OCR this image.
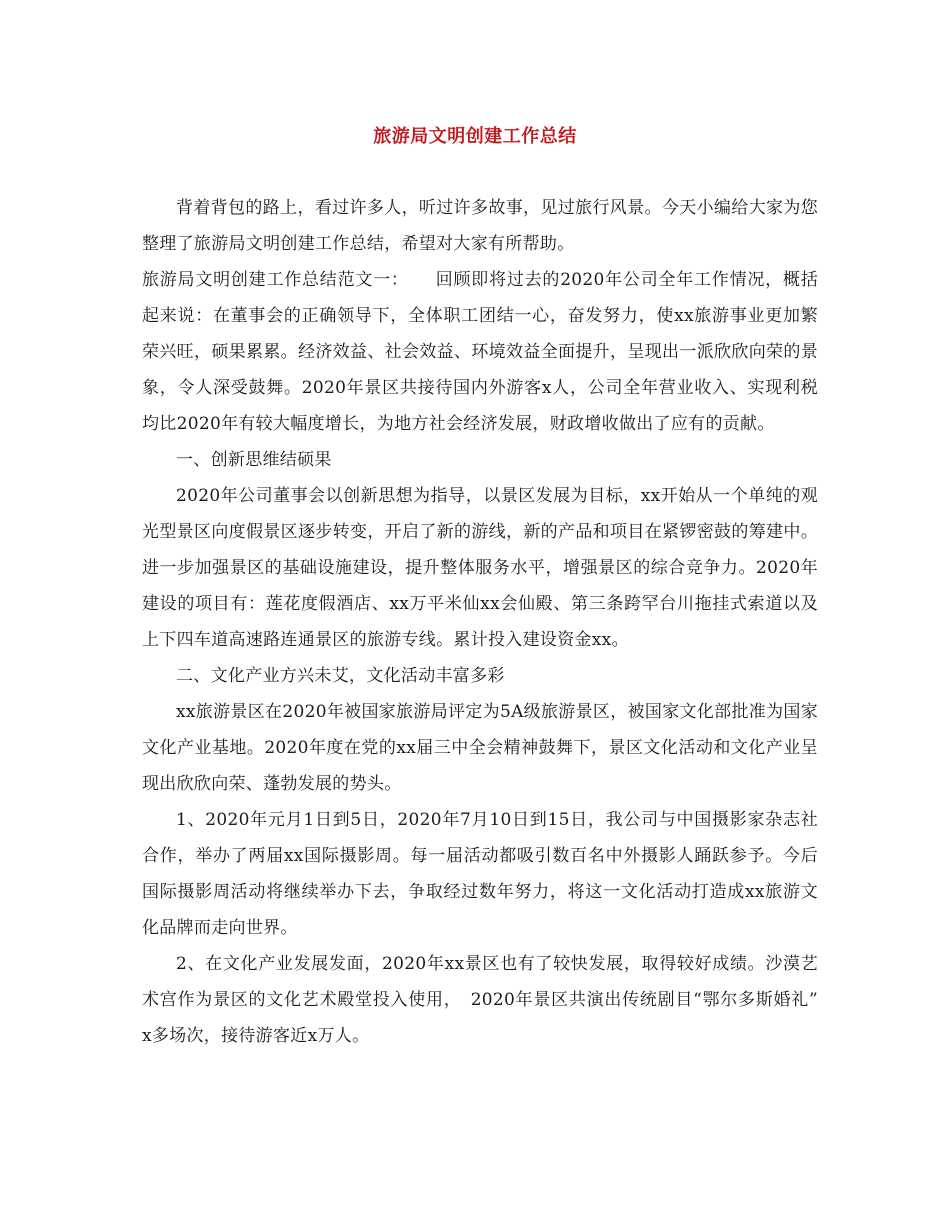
旅游局文明创建工作总结

背着背包的路上，看过许多人，听过许多故事，见过旅行风景。今天小编给大家为您整理了旅游局文明创建工作总结，希望对大家有所帮助。

旅游局文明创建工作总结范文一：　　回顾即将过去的2020年公司全年工作情况，概括起来说：在董事会的正确领导下，全体职工团结一心，奋发努力，使xx旅游事业更加繁荣兴旺，硕果累累。经济效益、社会效益、环境效益全面提升，呈现出一派欣欣向荣的景象，令人深受鼓舞。2020年景区共接待国内外游客x人，公司全年营业收入、实现利税均比2020年有较大幅度增长，为地方社会经济发展，财政增收做出了应有的贡献。

一、创新思维结硕果

2020年公司董事会以创新思想为指导，以景区发展为目标，xx开始从一个单纯的观光型景区向度假景区逐步转变，开启了新的游线，新的产品和项目在紧锣密鼓的筹建中。进一步加强景区的基础设施建设，提升整体服务水平，增强景区的综合竞争力。2020年建设的项目有：莲花度假酒店、xx万平米仙xx会仙殿、第三条跨罕台川拖挂式索道以及上下四车道高速路连通景区的旅游专线。累计投入建设资金xx。

二、文化产业方兴未艾，文化活动丰富多彩

xx旅游景区在2020年被国家旅游局评定为5A级旅游景区，被国家文化部批准为国家文化产业基地。2020年度在党的xx届三中全会精神鼓舞下，景区文化活动和文化产业呈现出欣欣向荣、蓬勃发展的势头。

1、2020年元月1日到5日，2020年7月10日到15日，我公司与中国摄影家杂志社合作，举办了两届xx国际摄影周。每一届活动都吸引数百名中外摄影人踊跃参予。今后国际摄影周活动将继续举办下去，争取经过数年努力，将这一文化活动打造成xx旅游文化品牌而走向世界。

2、在文化产业发展发面，2020年xx景区也有了较快发展，取得较好成绩。沙漠艺术宫作为景区的文化艺术殿堂投入使用，　2020年景区共演出传统剧目“鄂尔多斯婚礼”　x多场次，接待游客近x万人。
